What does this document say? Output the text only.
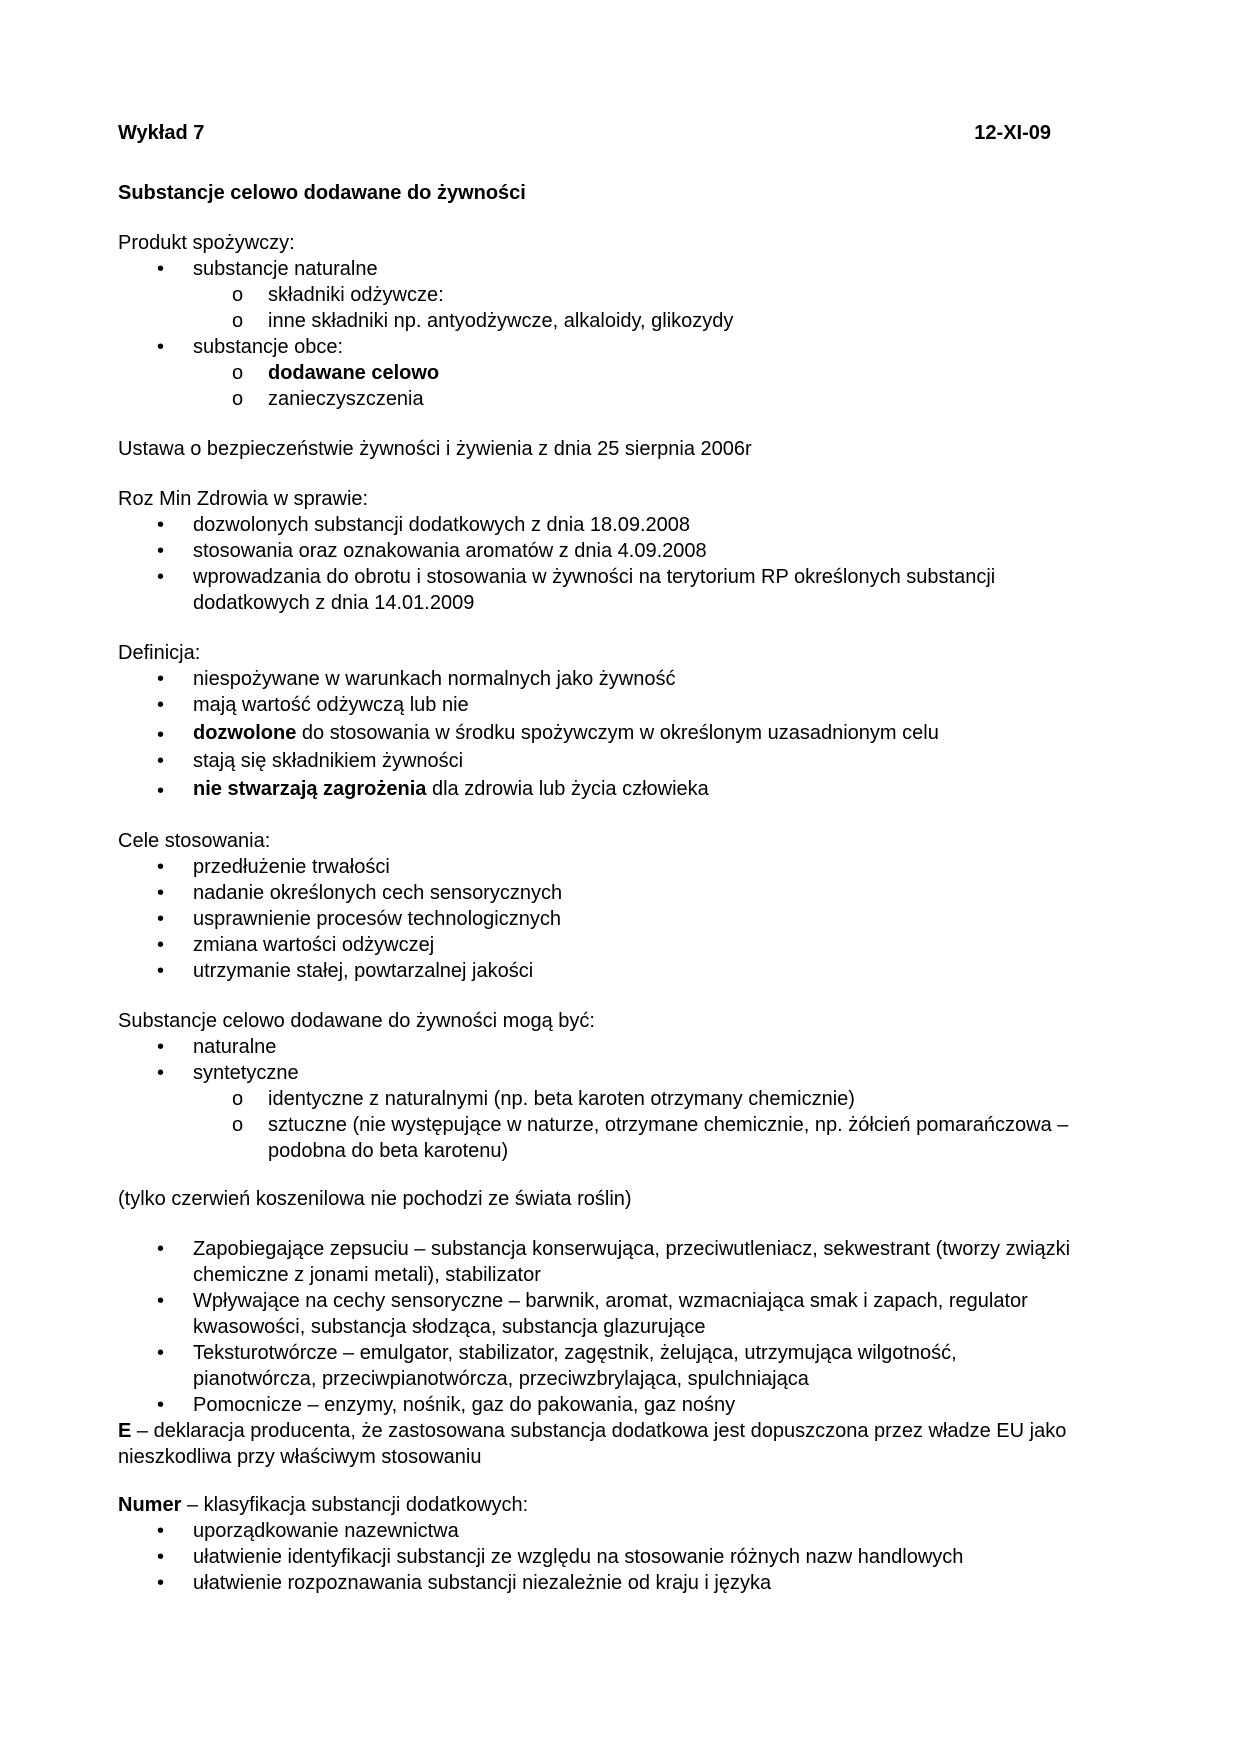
Wykład 7	12-XI-09
Substancje celowo dodawane do żywności
Produkt spożywczy:
• substancje naturalne
o składniki odżywcze:
o inne składniki np. antyodżywcze, alkaloidy, glikozydy
• substancje obce:
o dodawane celowo
o zanieczyszczenia
Ustawa o bezpieczeństwie żywności i żywienia z dnia 25 sierpnia 2006r
Roz Min Zdrowia w sprawie:
• dozwolonych substancji dodatkowych z dnia 18.09.2008
• stosowania oraz oznakowania aromatów z dnia 4.09.2008
• wprowadzania do obrotu i stosowania w żywności na terytorium RP określonych substancji
dodatkowych z dnia 14.01.2009
Definicja:
• niespożywane w warunkach normalnych jako żywność
• mają wartość odżywczą lub nie
• dozwolone do stosowania w środku spożywczym w określonym uzasadnionym celu
• stają się składnikiem żywności
• nie stwarzają zagrożenia dla zdrowia lub życia człowieka
Cele stosowania:
• przedłużenie trwałości
• nadanie określonych cech sensorycznych
• usprawnienie procesów technologicznych
• zmiana wartości odżywczej
• utrzymanie stałej, powtarzalnej jakości
Substancje celowo dodawane do żywności mogą być:
• naturalne
• syntetyczne
o identyczne z naturalnymi (np. beta karoten otrzymany chemicznie)
o sztuczne (nie występujące w naturze, otrzymane chemicznie, np. żółcień pomarańczowa –
podobna do beta karotenu)
(tylko czerwień koszenilowa nie pochodzi ze świata roślin)
• Zapobiegające zepsuciu – substancja konserwująca, przeciwutleniacz, sekwestrant (tworzy związki
chemiczne z jonami metali), stabilizator
• Wpływające na cechy sensoryczne – barwnik, aromat, wzmacniająca smak i zapach, regulator
kwasowości, substancja słodząca, substancja glazurujące
• Teksturotwórcze – emulgator, stabilizator, zagęstnik, żelująca, utrzymująca wilgotność,
pianotwórcza, przeciwpianotwórcza, przeciwzbrylająca, spulchniająca
• Pomocnicze – enzymy, nośnik, gaz do pakowania, gaz nośny
E – deklaracja producenta, że zastosowana substancja dodatkowa jest dopuszczona przez władze EU jako
nieszkodliwa przy właściwym stosowaniu
Numer – klasyfikacja substancji dodatkowych:
• uporządkowanie nazewnictwa
• ułatwienie identyfikacji substancji ze względu na stosowanie różnych nazw handlowych
• ułatwienie rozpoznawania substancji niezależnie od kraju i języka
